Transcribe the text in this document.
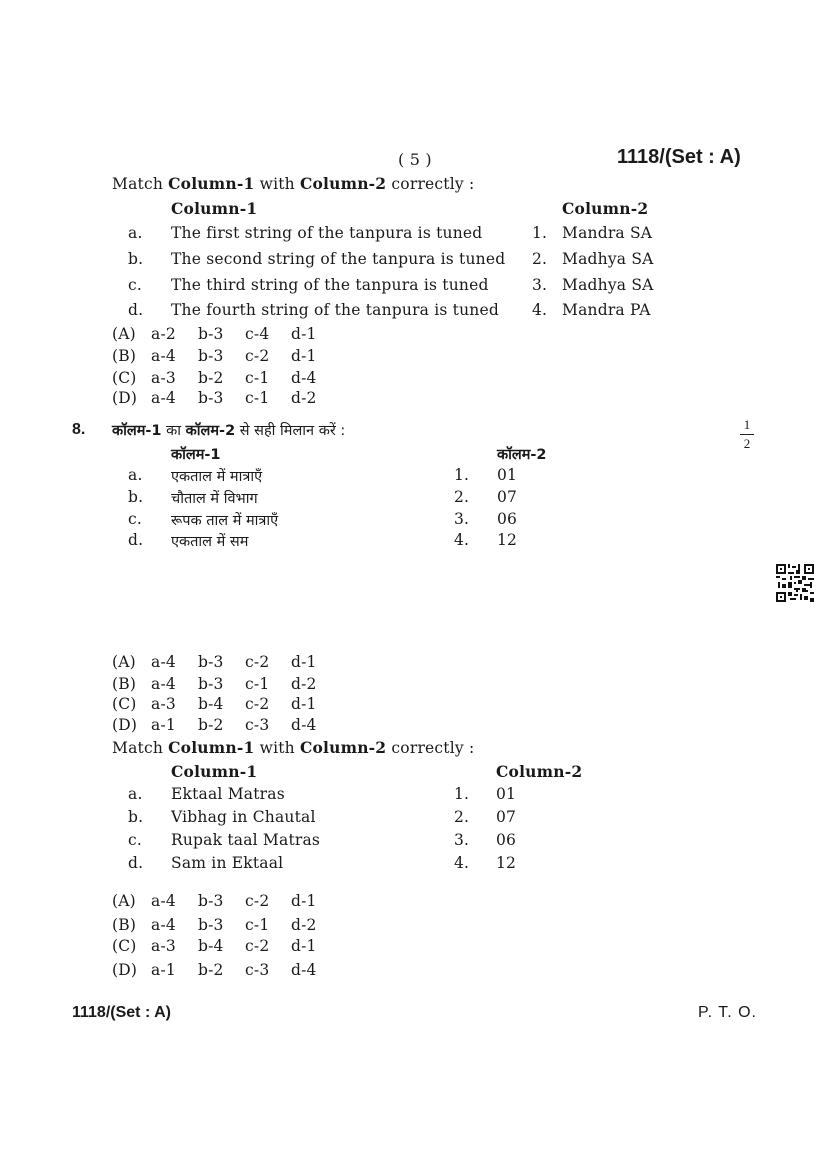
( 5 )	1118/(Set : A)
Match Column-1 with Column-2 correctly :
Column-1	Column-2
a. The first string of the tanpura is tuned	1. Mandra SA
b. The second string of the tanpura is tuned 2. Madhya SA
c. The third string of the tanpura is tuned	3. Madhya SA
d. The fourth string of the tanpura is tuned 4. Mandra PA
(A) a-2 b-3 c-4 d-1
(B) a-4 b-3 c-2 d-1
(C) a-3 b-2 c-1 d-4
(D) a-4 b-3 c-1 d-2
8. कॉलम-1 का कॉलम-2 से सही मिलान करें :	1
2
कॉलम-1	कॉलम-2
a. एकताल में मात्राएँ	1. 01
b. चौताल में विभाग	2. 07
c. रूपक ताल में मात्राएँ	3. 06
d. एकताल में सम	4. 12
(A) a-4 b-3 c-2 d-1
(B) a-4 b-3 c-1 d-2
(C) a-3 b-4 c-2 d-1
(D) a-1 b-2 c-3 d-4
Match Column-1 with Column-2 correctly :
Column-1	Column-2
a. Ektaal Matras	1. 01
b. Vibhag in Chautal	2. 07
c. Rupak taal Matras	3. 06
d. Sam in Ektaal	4. 12
(A) a-4 b-3 c-2 d-1
(B) a-4 b-3 c-1 d-2
(C) a-3 b-4 c-2 d-1
(D) a-1 b-2 c-3 d-4
1118/(Set : A)	P. T. O.
